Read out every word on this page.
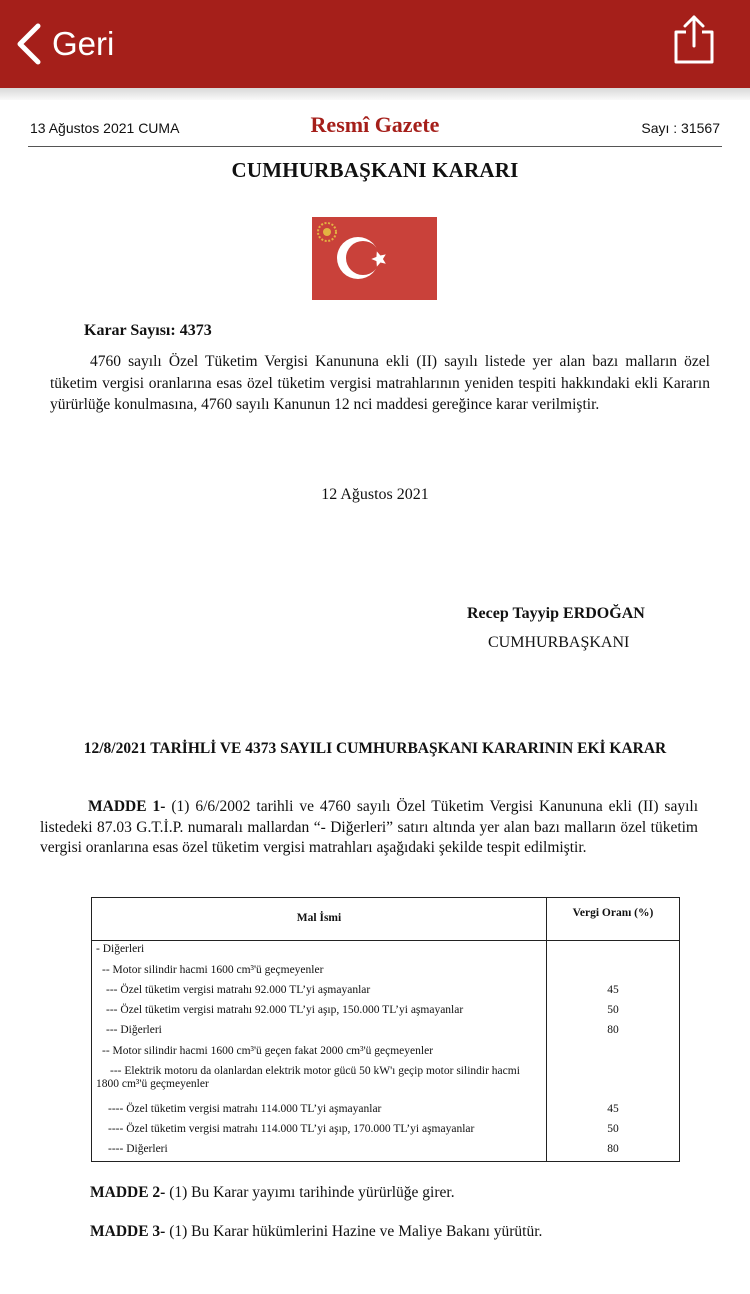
Geri
13 Ağustos 2021 CUMA	Resmî Gazete	Sayı : 31567
CUMHURBAŞKANI KARARI
Karar Sayısı: 4373
4760 sayılı Özel Tüketim Vergisi Kanununa ekli (II) sayılı listede yer alan bazı malların özel tüketim vergisi oranlarına esas özel tüketim vergisi matrahlarının yeniden tespiti hakkındaki ekli Kararın yürürlüğe konulmasına, 4760 sayılı Kanunun 12 nci maddesi gereğince karar verilmiştir.
12 Ağustos 2021
Recep Tayyip ERDOĞAN
CUMHURBAŞKANI
12/8/2021 TARİHLİ VE 4373 SAYILI CUMHURBAŞKANI KARARININ EKİ KARAR
MADDE 1- (1) 6/6/2002 tarihli ve 4760 sayılı Özel Tüketim Vergisi Kanununa ekli (II) sayılı listedeki 87.03 G.T.İ.P. numaralı mallardan “- Diğerleri” satırı altında yer alan bazı malların özel tüketim vergisi oranlarına esas özel tüketim vergisi matrahları aşağıdaki şekilde tespit edilmiştir.
Mal İsmi	Vergi Oranı (%)
- Diğerleri
-- Motor silindir hacmi 1600 cm³'ü geçmeyenler
--- Özel tüketim vergisi matrahı 92.000 TL’yi aşmayanlar	45
--- Özel tüketim vergisi matrahı 92.000 TL’yi aşıp, 150.000 TL’yi aşmayanlar	50
--- Diğerleri	80
-- Motor silindir hacmi 1600 cm³'ü geçen fakat 2000 cm³'ü geçmeyenler
--- Elektrik motoru da olanlardan elektrik motor gücü 50 kW'ı geçip motor silindir hacmi 1800 cm³'ü geçmeyenler
---- Özel tüketim vergisi matrahı 114.000 TL’yi aşmayanlar	45
---- Özel tüketim vergisi matrahı 114.000 TL’yi aşıp, 170.000 TL’yi aşmayanlar	50
---- Diğerleri	80
MADDE 2- (1) Bu Karar yayımı tarihinde yürürlüğe girer.
MADDE 3- (1) Bu Karar hükümlerini Hazine ve Maliye Bakanı yürütür.
